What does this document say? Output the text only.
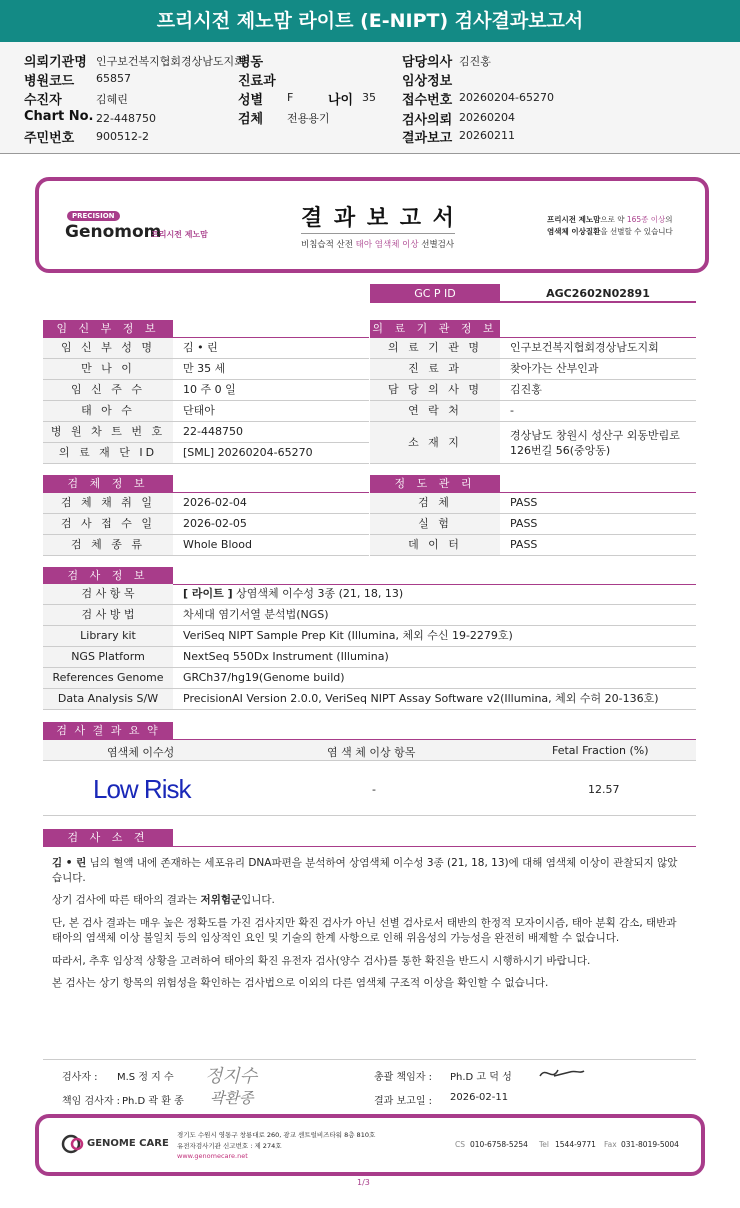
프리시전 제노맘 라이트 (E-NIPT) 검사결과보고서
의뢰기관명 인구보건복지협회경상남도지회
병원코드 65857
수진자	김혜린
Chart No. 22-448750
주민번호 900512-2
병동
진료과
성별 F	나이 35
검체 전용용기
담당의사 김진홍
임상정보
접수번호 20260204-65270
검사의뢰 20260204
결과보고 20260211
PRECISION
Genomom
프리시전 제노맘
결 과 보 고 서
비침습적 산전 태아 염색체 이상 선별검사
프리시전 제노맘으로 약 165종 이상의
염색체 이상질환을 선별할 수 있습니다
GC P ID	AGC2602N02891
임 신 부 정 보
임 신 부 성 명	김 • 린
만 나 이	만 35 세
임 신 주 수	10 주 0 일
태 아 수	단태아
병 원 차 트 번 호	22-448750
의 료 재 단 ID	[SML] 20260204-65270
의 료 기 관 정 보
의 료 기 관 명	인구보건복지협회경상남도지회
진 료 과	찾아가는 산부인과
담 당 의 사 명	김진홍
연 락 처	-
소 재 지
경상남도 창원시 성산구 외동반림로
126번길 56(중앙동)
검 체 정 보
검 체 채 취 일	2026-02-04
검 사 접 수 일	2026-02-05
검 체 종 류	Whole Blood
정 도 관 리
검 체	PASS
실 험	PASS
데 이 터	PASS
검 사 정 보
검 사 항 목	[ 라이트 ] 상염색체 이수성 3종 (21, 18, 13)
검 사 방 법	차세대 염기서열 분석법(NGS)
Library kit	VeriSeq NIPT Sample Prep Kit (Illumina, 체외 수신 19-2279호)
NGS Platform	NextSeq 550Dx Instrument (Illumina)
References Genome	GRCh37/hg19(Genome build)
Data Analysis S/W	PrecisionAI Version 2.0.0, VeriSeq NIPT Assay Software v2(Illumina, 체외 수허 20-136호)
검 사 결 과 요 약
염색체 이수성	염 색 체 이상 항목	Fetal Fraction (%)
Low Risk	-	12.57
검 사 소 견
김 • 린 님의 혈액 내에 존재하는 세포유리 DNA파편을 분석하여 상염색체 이수성 3종 (21, 18, 13)에 대해 염색체 이상이 관찰되지 않았
습니다.
상기 검사에 따른 태아의 결과는 저위험군입니다.
단, 본 검사 결과는 매우 높은 정확도를 가진 검사지만 확진 검사가 아닌 선별 검사로서 태반의 한정적 모자이시즘, 태아 분획 감소, 태반과
태아의 염색체 이상 불일치 등의 임상적인 요인 및 기술의 한계 사항으로 인해 위음성의 가능성을 완전히 배제할 수 없습니다.
따라서, 추후 임상적 상황을 고려하여 태아의 확진 유전자 검사(양수 검사)를 통한 확진을 반드시 시행하시기 바랍니다.
본 검사는 상기 항목의 위험성을 확인하는 검사법으로 이외의 다른 염색체 구조적 이상을 확인할 수 없습니다.
검사자 : M.S 정 지 수 정지수
책임 검사자 : Ph.D 곽 환 종 곽환종
총괄 책임자 : Ph.D 고 덕 성
결과 보고일 : 2026-02-11
GENOME CARE
경기도 수원시 영통구 창룡대로 260, 광교 센트럴비즈타워 8층 810호
유전자검사기관 신고번호 : 제 274호
www.genomecare.net
CS 010-6758-5254 Tel 1544-9771 Fax 031-8019-5004
1/3
